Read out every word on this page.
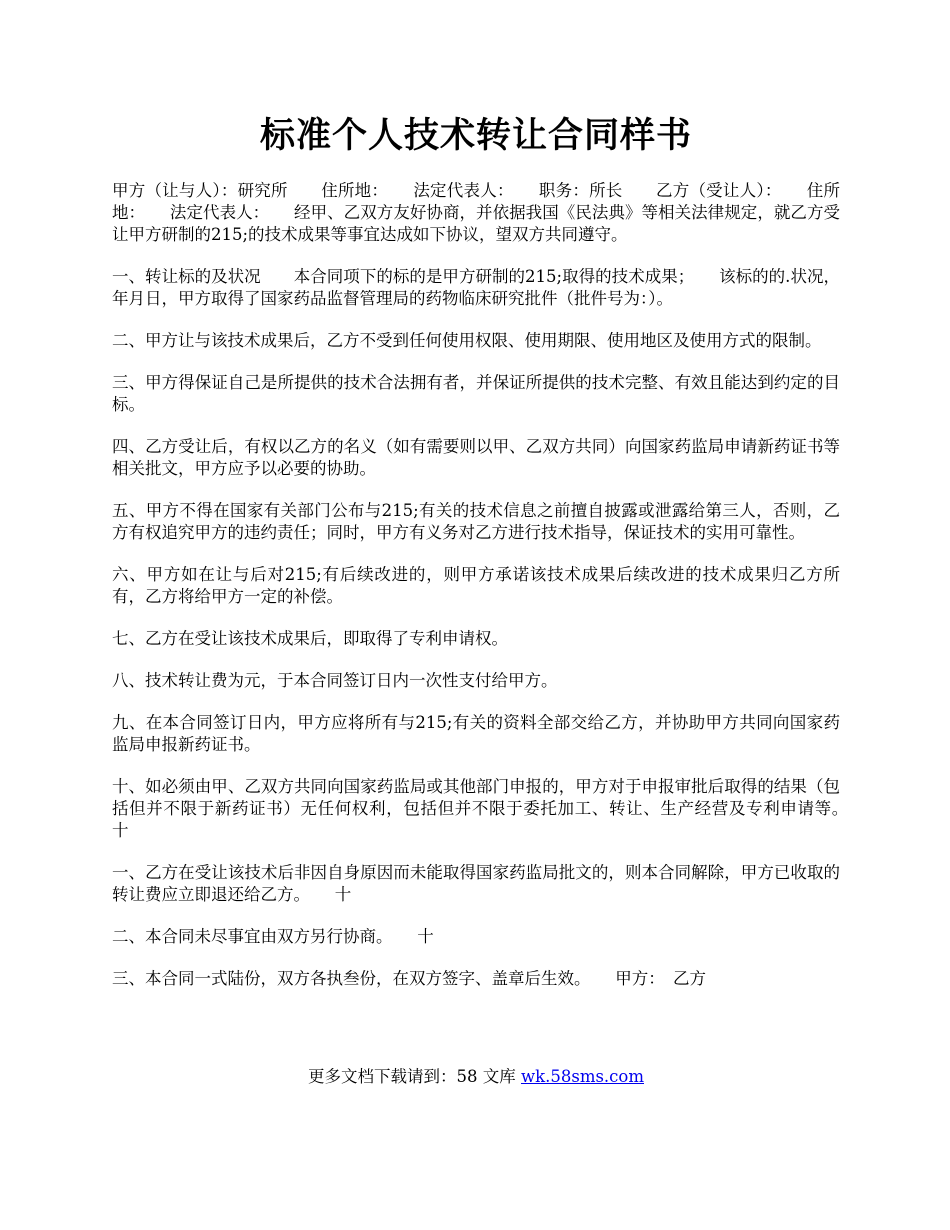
标准个人技术转让合同样书

甲方（让与人）：研究所　　住所地：　　法定代表人：　　职务：所长　　乙方（受让人）：　　住所地：　　法定代表人：　　经甲、乙双方友好协商，并依据我国《民法典》等相关法律规定，就乙方受让甲方研制的215;的技术成果等事宜达成如下协议，望双方共同遵守。

一、转让标的及状况　　本合同项下的标的是甲方研制的215;取得的技术成果；　　该标的的.状况，年月日，甲方取得了国家药品监督管理局的药物临床研究批件（批件号为：）。

二、甲方让与该技术成果后，乙方不受到任何使用权限、使用期限、使用地区及使用方式的限制。

三、甲方得保证自己是所提供的技术合法拥有者，并保证所提供的技术完整、有效且能达到约定的目标。

四、乙方受让后，有权以乙方的名义（如有需要则以甲、乙双方共同）向国家药监局申请新药证书等相关批文，甲方应予以必要的协助。

五、甲方不得在国家有关部门公布与215;有关的技术信息之前擅自披露或泄露给第三人，否则，乙方有权追究甲方的违约责任；同时，甲方有义务对乙方进行技术指导，保证技术的实用可靠性。

六、甲方如在让与后对215;有后续改进的，则甲方承诺该技术成果后续改进的技术成果归乙方所有，乙方将给甲方一定的补偿。

七、乙方在受让该技术成果后，即取得了专利申请权。

八、技术转让费为元，于本合同签订日内一次性支付给甲方。

九、在本合同签订日内，甲方应将所有与215;有关的资料全部交给乙方，并协助甲方共同向国家药监局申报新药证书。

十、如必须由甲、乙双方共同向国家药监局或其他部门申报的，甲方对于申报审批后取得的结果（包括但并不限于新药证书）无任何权利，包括但并不限于委托加工、转让、生产经营及专利申请等。　　十

一、乙方在受让该技术后非因自身原因而未能取得国家药监局批文的，则本合同解除，甲方已收取的转让费应立即退还给乙方。　　十

二、本合同未尽事宜由双方另行协商。　　十

三、本合同一式陆份，双方各执叁份，在双方签字、盖章后生效。　　甲方：　乙方

更多文档下载请到：58 文库 wk.58sms.com
